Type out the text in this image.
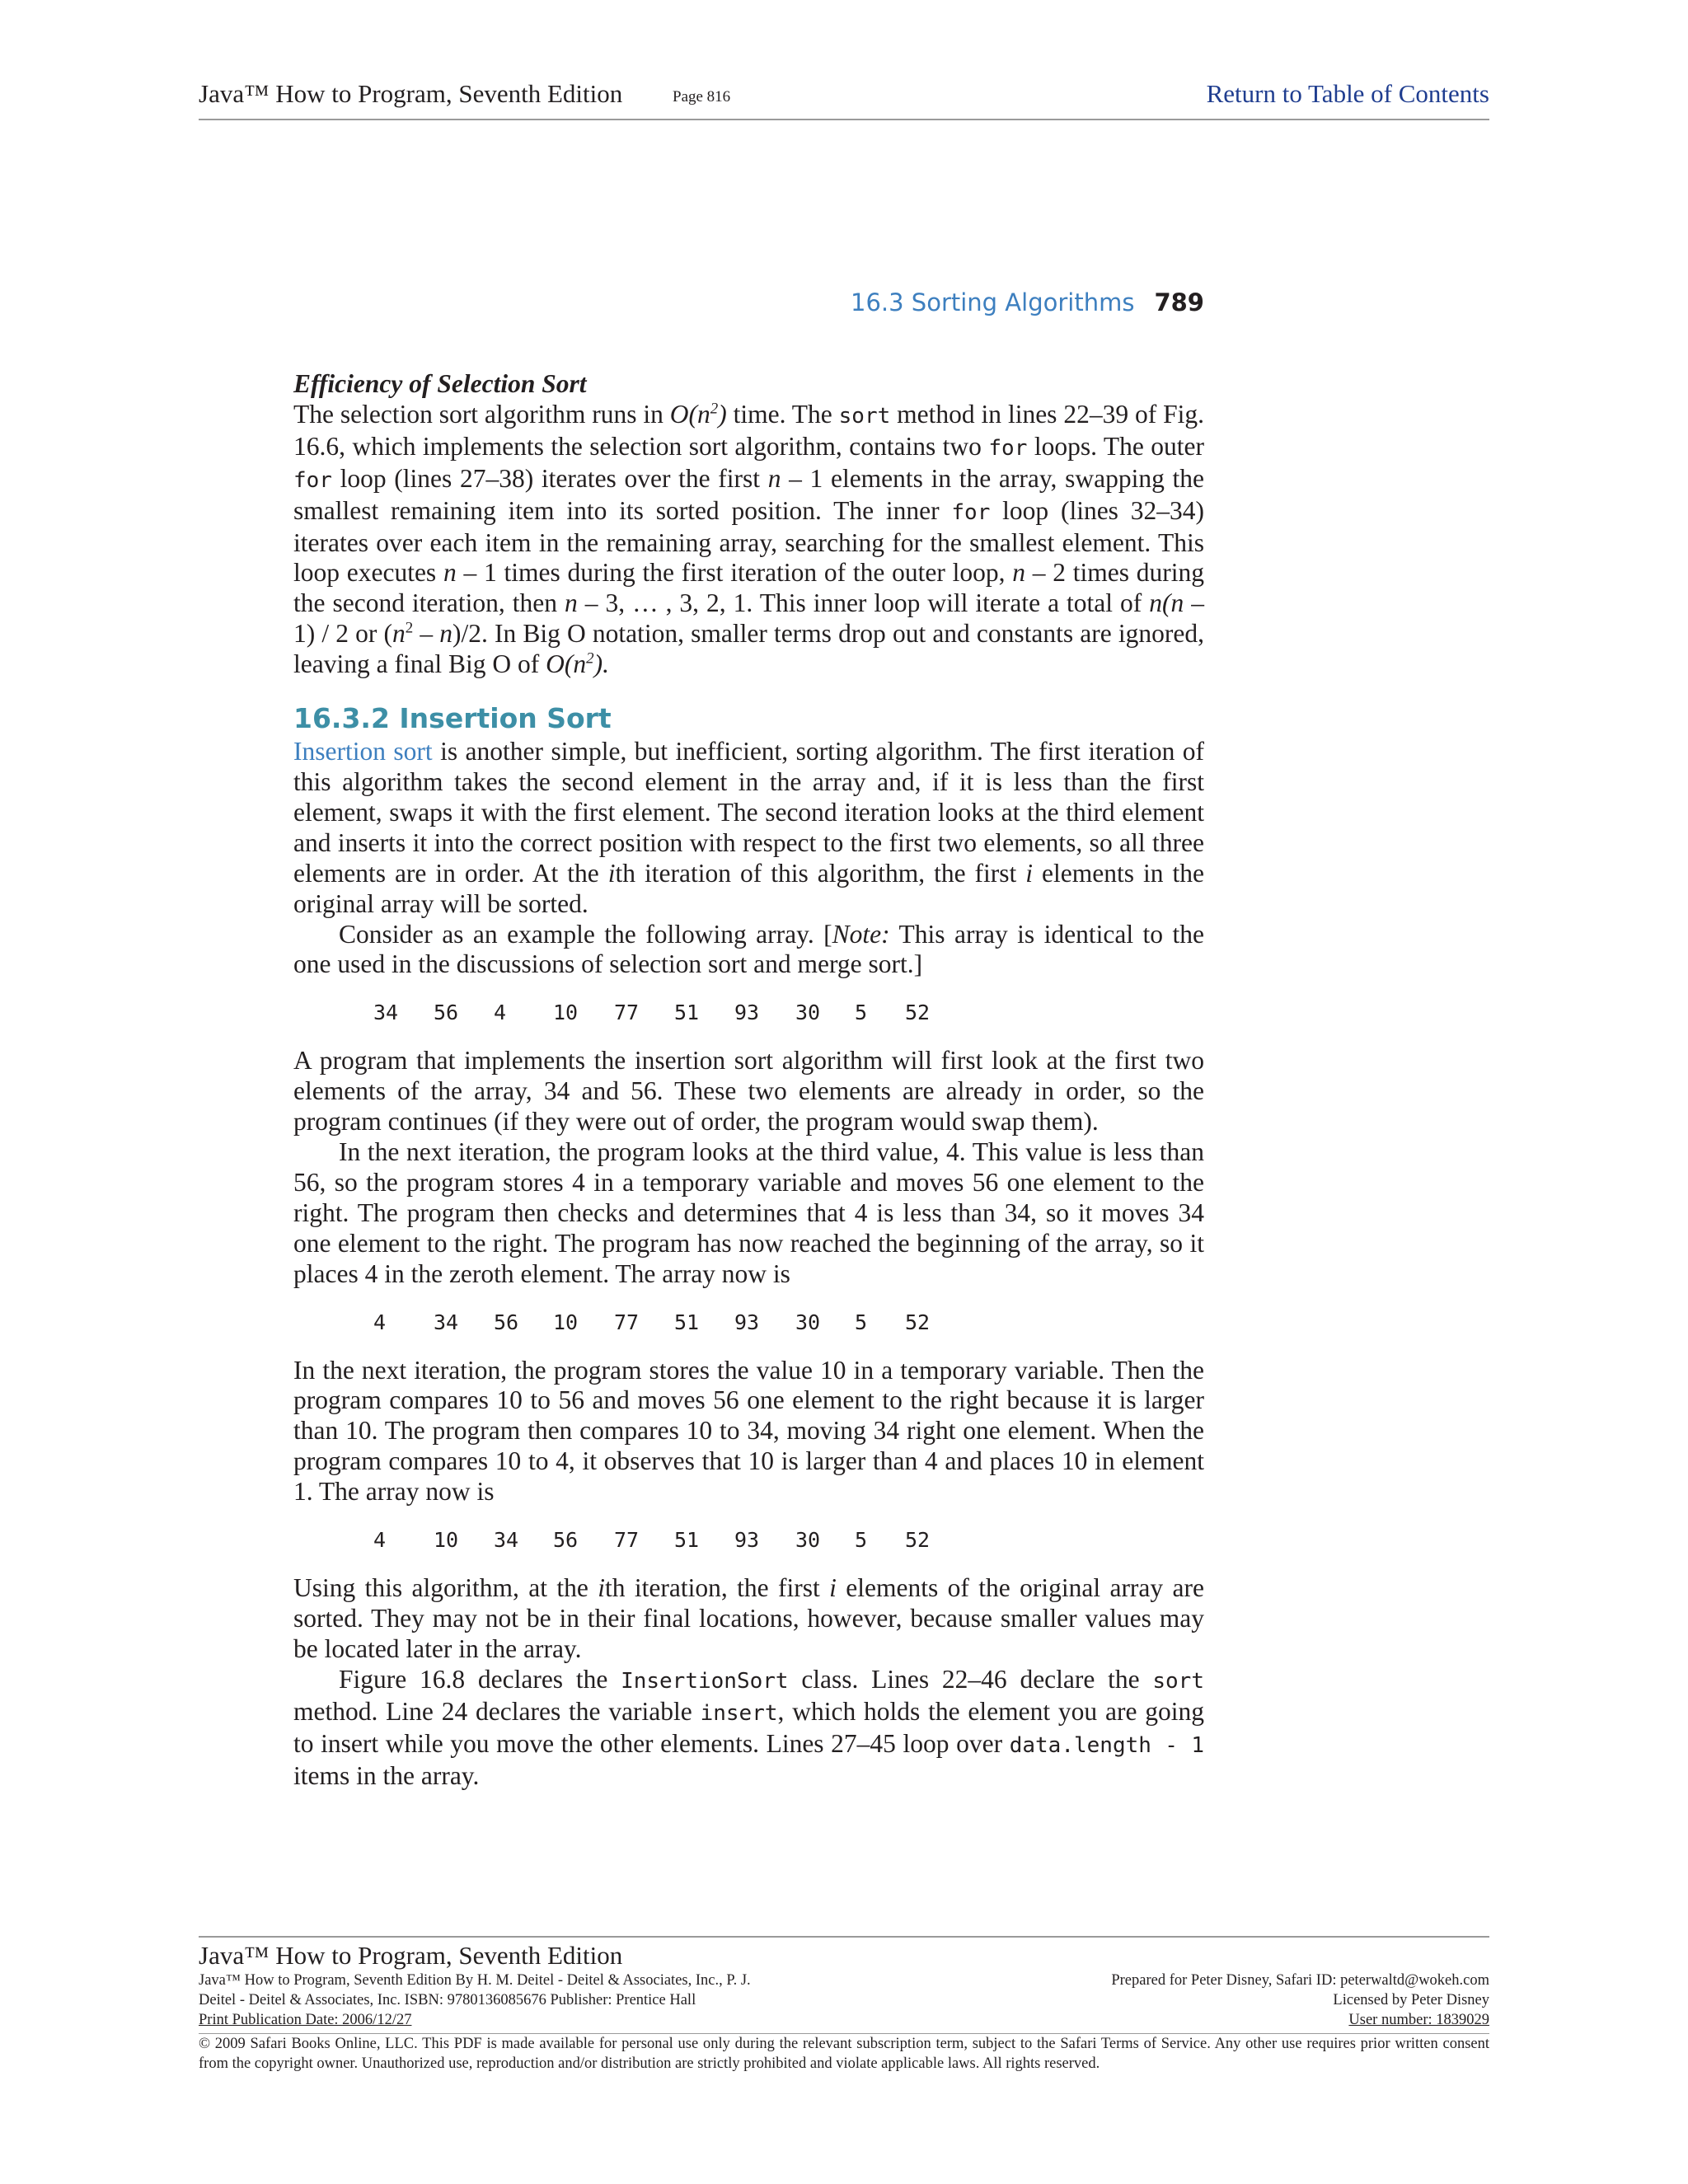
Java™ How to Program, Seventh Edition	Page 816	Return to Table of Contents
16.3 Sorting Algorithms 789
Efficiency of Selection Sort

The selection sort algorithm runs in $O(n^2)$ time. The sort method in lines 22–39 of Fig. 16.6, which implements the selection sort algorithm, contains two for loops. The outer for loop (lines 27–38) iterates over the first n – 1 elements in the array, swapping the smallest remaining item into its sorted position. The inner for loop (lines 32–34) iterates over each item in the remaining array, searching for the smallest element. This loop executes n – 1 times during the first iteration of the outer loop, n – 2 times during the second iteration, then n – 3, … , 3, 2, 1. This inner loop will iterate a total of n(n – 1) / 2 or $(n^2 - n)/2$. In Big O notation, smaller terms drop out and constants are ignored, leaving a final Big O of $O(n^2)$.

16.3.2 Insertion Sort

Insertion sort is another simple, but inefficient, sorting algorithm. The first iteration of this algorithm takes the second element in the array and, if it is less than the first element, swaps it with the first element. The second iteration looks at the third element and inserts it into the correct position with respect to the first two elements, so all three elements are in order. At the ith iteration of this algorithm, the first i elements in the original array will be sorted.

Consider as an example the following array. [Note: This array is identical to the one used in the discussions of selection sort and merge sort.]

34 56 4 10 77 51 93 30 5 52

A program that implements the insertion sort algorithm will first look at the first two elements of the array, 34 and 56. These two elements are already in order, so the program continues (if they were out of order, the program would swap them).

In the next iteration, the program looks at the third value, 4. This value is less than 56, so the program stores 4 in a temporary variable and moves 56 one element to the right. The program then checks and determines that 4 is less than 34, so it moves 34 one element to the right. The program has now reached the beginning of the array, so it places 4 in the zeroth element. The array now is

4 34 56 10 77 51 93 30 5 52

In the next iteration, the program stores the value 10 in a temporary variable. Then the program compares 10 to 56 and moves 56 one element to the right because it is larger than 10. The program then compares 10 to 34, moving 34 right one element. When the program compares 10 to 4, it observes that 10 is larger than 4 and places 10 in element 1. The array now is

4 10 34 56 77 51 93 30 5 52

Using this algorithm, at the ith iteration, the first i elements of the original array are sorted. They may not be in their final locations, however, because smaller values may be located later in the array.

Figure 16.8 declares the InsertionSort class. Lines 22–46 declare the sort method. Line 24 declares the variable insert, which holds the element you are going to insert while you move the other elements. Lines 27–45 loop over data.length - 1 items in the array.

Java™ How to Program, Seventh Edition
Java™ How to Program, Seventh Edition By H. M. Deitel - Deitel & Associates, Inc., P. J.
Deitel - Deitel & Associates, Inc. ISBN: 9780136085676 Publisher: Prentice Hall
Print Publication Date: 2006/12/27
Prepared for Peter Disney, Safari ID: peterwaltd@wokeh.com
Licensed by Peter Disney
User number: 1839029
© 2009 Safari Books Online, LLC. This PDF is made available for personal use only during the relevant subscription term, subject to the Safari Terms of Service. Any other use requires prior written consent from the copyright owner. Unauthorized use, reproduction and/or distribution are strictly prohibited and violate applicable laws. All rights reserved.
